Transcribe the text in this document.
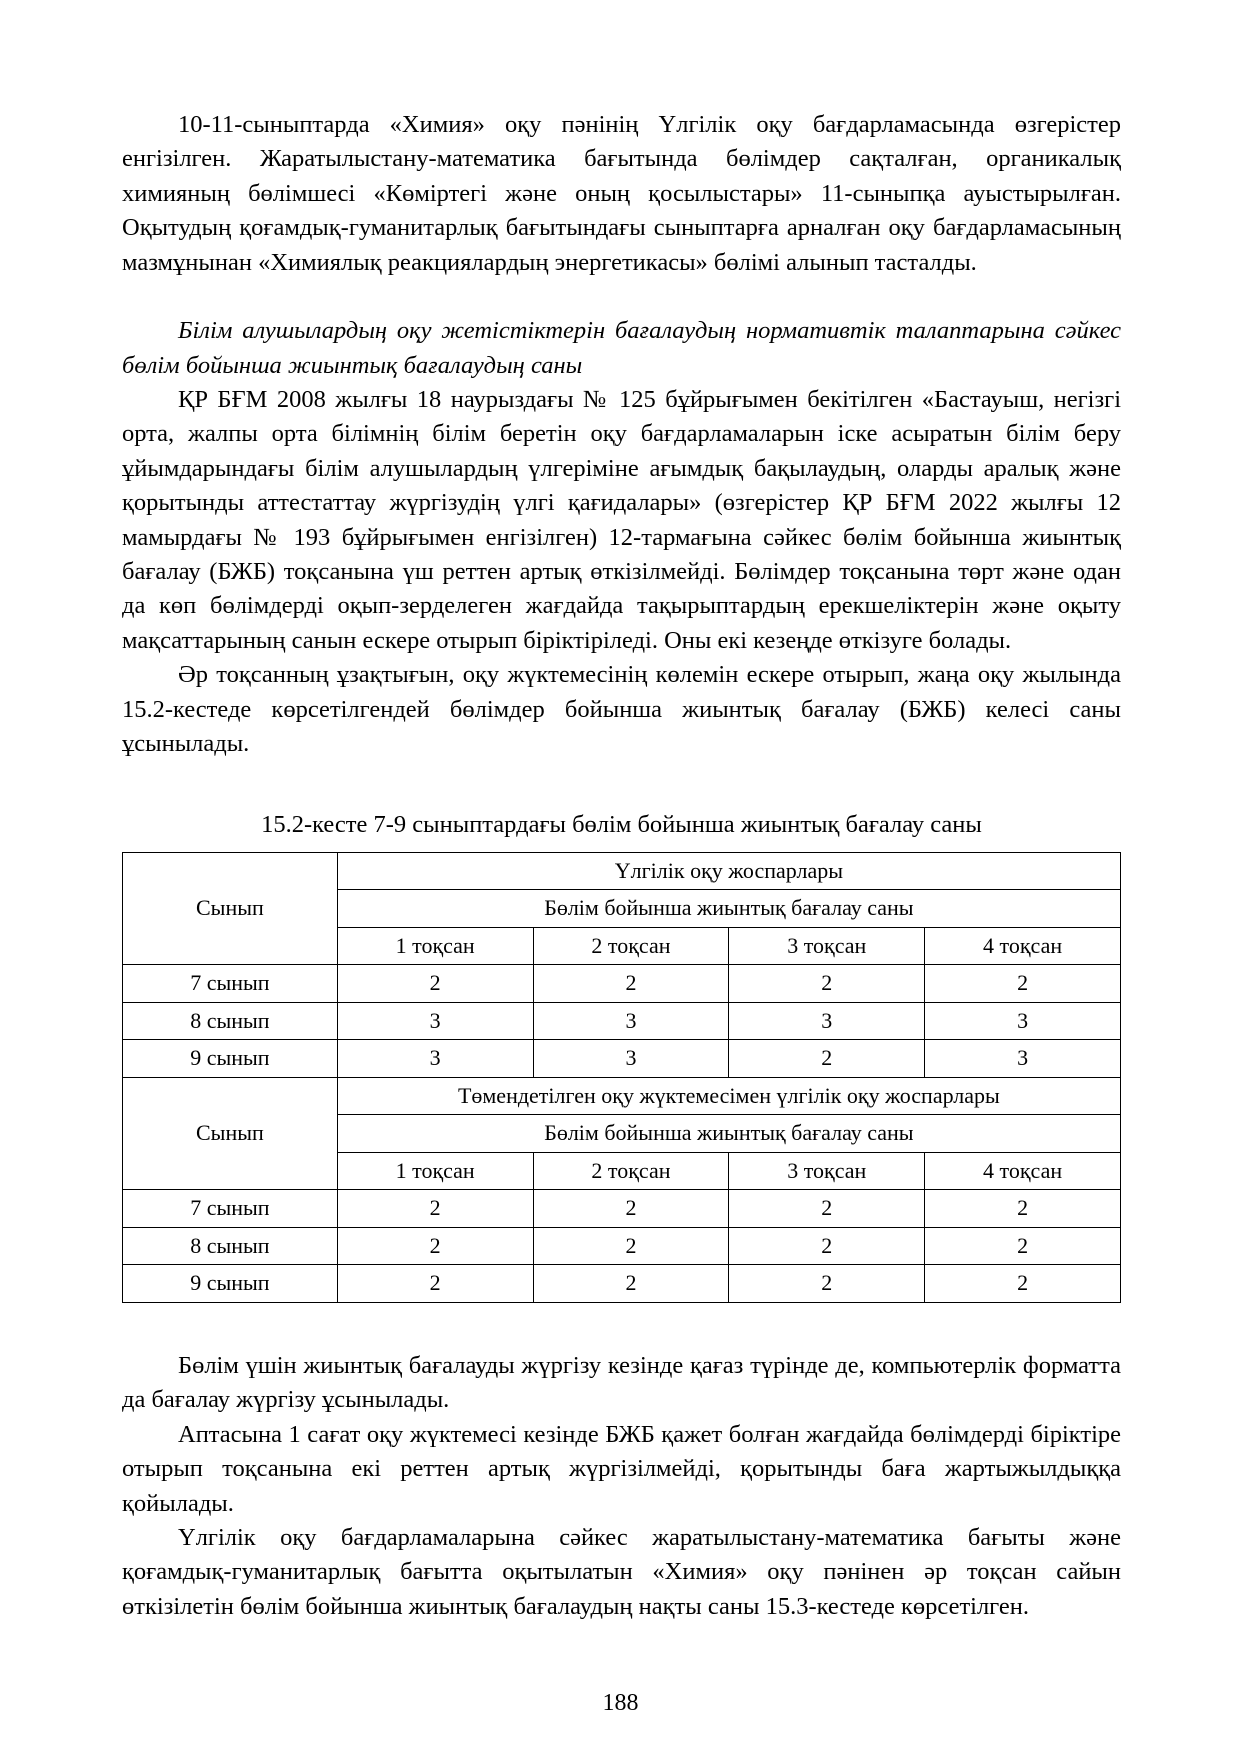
10-11-сыныптарда «Химия» оқу пәнінің Үлгілік оқу бағдарламасында өзгерістер енгізілген. Жаратылыстану-математика бағытында бөлімдер сақталған, органикалық химияның бөлімшесі «Көміртегі және оның қосылыстары» 11-сыныпқа ауыстырылған. Оқытудың қоғамдық-гуманитарлық бағытындағы сыныптарға арналған оқу бағдарламасының мазмұнынан «Химиялық реакциялардың энергетикасы» бөлімі алынып тасталды.

Білім алушылардың оқу жетістіктерін бағалаудың нормативтік талаптарына сәйкес бөлім бойынша жиынтық бағалаудың саны

ҚР БҒМ 2008 жылғы 18 наурыздағы № 125 бұйрығымен бекітілген «Бастауыш, негізгі орта, жалпы орта білімнің білім беретін оқу бағдарламаларын іске асыратын білім беру ұйымдарындағы білім алушылардың үлгеріміне ағымдық бақылаудың, оларды аралық және қорытынды аттестаттау жүргізудің үлгі қағидалары» (өзгерістер ҚР БҒМ 2022 жылғы 12 мамырдағы № 193 бұйрығымен енгізілген) 12-тармағына сәйкес бөлім бойынша жиынтық бағалау (БЖБ) тоқсанына үш реттен артық өткізілмейді. Бөлімдер тоқсанына төрт және одан да көп бөлімдерді оқып-зерделеген жағдайда тақырыптардың ерекшеліктерін және оқыту мақсаттарының санын ескере отырып біріктіріледі. Оны екі кезеңде өткізуге болады.

Әр тоқсанның ұзақтығын, оқу жүктемесінің көлемін ескере отырып, жаңа оқу жылында 15.2-кестеде көрсетілгендей бөлімдер бойынша жиынтық бағалау (БЖБ) келесі саны ұсынылады.

15.2-кесте 7-9 сыныптардағы бөлім бойынша жиынтық бағалау саны
Сынып	Үлгілік оқу жоспарлары			
	Бөлім бойынша жиынтық бағалау саны			
	1 тоқсан	2 тоқсан	3 тоқсан	4 тоқсан
7 сынып	2	2	2	2
8 сынып	3	3	3	3
9 сынып	3	3	2	3
Сынып	Төмендетілген оқу жүктемесімен үлгілік оқу жоспарлары			
	Бөлім бойынша жиынтық бағалау саны			
	1 тоқсан	2 тоқсан	3 тоқсан	4 тоқсан
7 сынып	2	2	2	2
8 сынып	2	2	2	2
9 сынып	2	2	2	2

Бөлім үшін жиынтық бағалауды жүргізу кезінде қағаз түрінде де, компьютерлік форматта да бағалау жүргізу ұсынылады.

Аптасына 1 сағат оқу жүктемесі кезінде БЖБ қажет болған жағдайда бөлімдерді біріктіре отырып тоқсанына екі реттен артық жүргізілмейді, қорытынды баға жартыжылдыққа қойылады.

Үлгілік оқу бағдарламаларына сәйкес жаратылыстану-математика бағыты және қоғамдық-гуманитарлық бағытта оқытылатын «Химия» оқу пәнінен әр тоқсан сайын өткізілетін бөлім бойынша жиынтық бағалаудың нақты саны 15.3-кестеде көрсетілген.

188
